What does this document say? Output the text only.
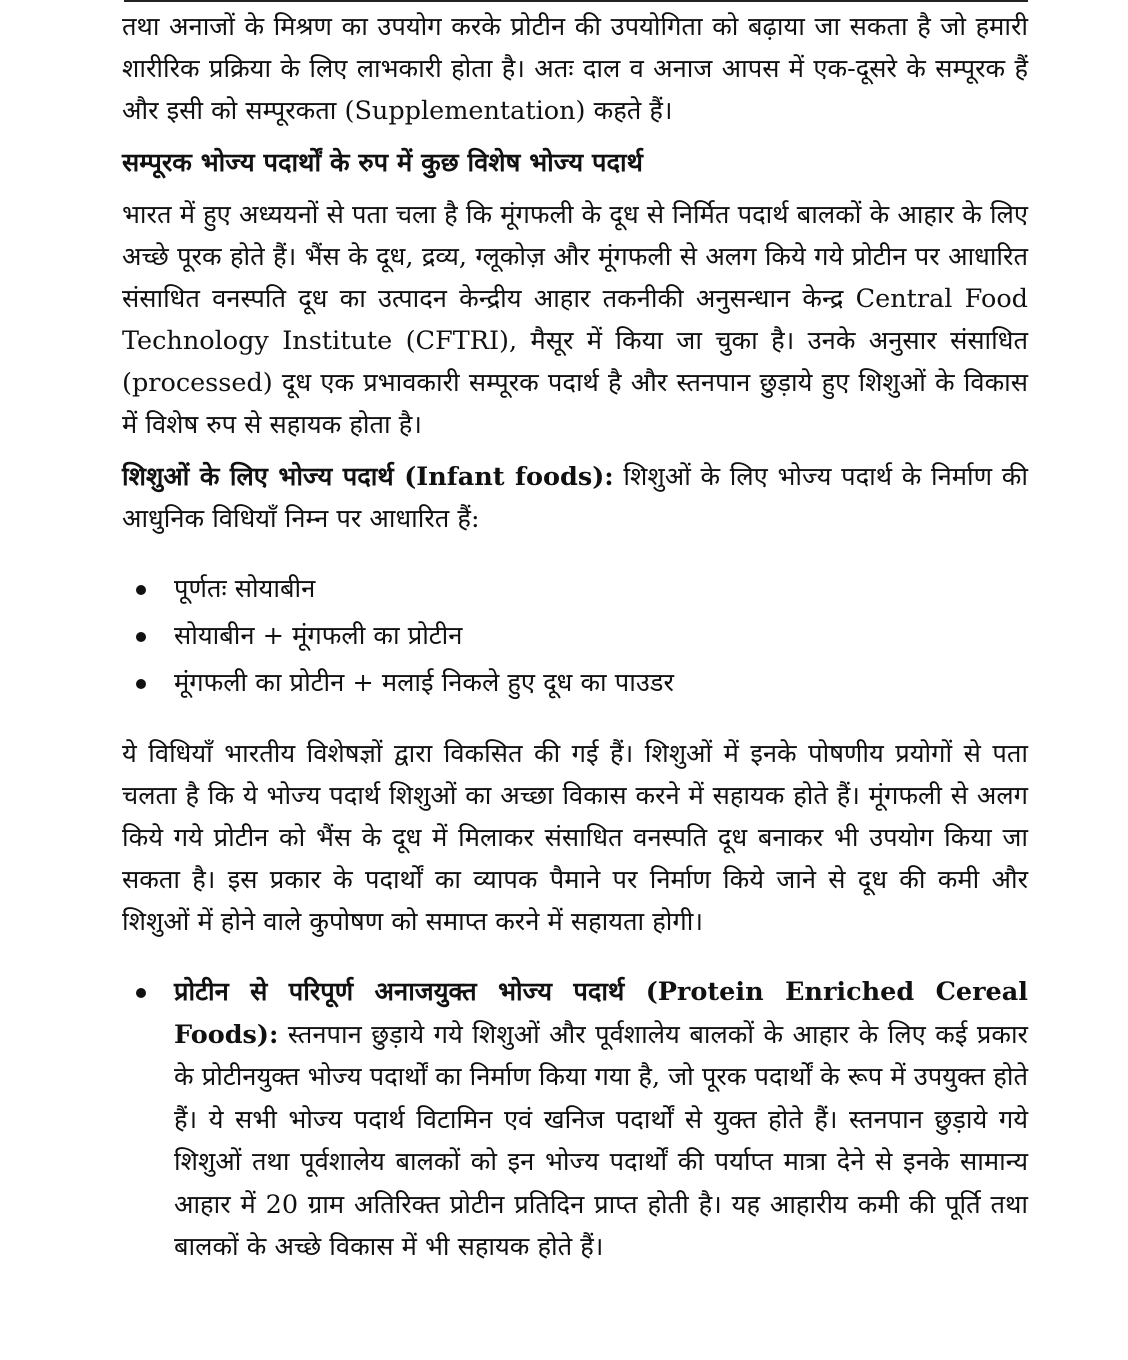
तथा अनाजों के मिश्रण का उपयोग करके प्रोटीन की उपयोगिता को बढ़ाया जा सकता है जो हमारी शारीरिक प्रक्रिया के लिए लाभकारी होता है। अतः दाल व अनाज आपस में एक-दूसरे के सम्पूरक हैं और इसी को सम्पूरकता (Supplementation) कहते हैं।

सम्पूरक भोज्य पदार्थों के रुप में कुछ विशेष भोज्य पदार्थ

भारत में हुए अध्ययनों से पता चला है कि मूंगफली के दूध से निर्मित पदार्थ बालकों के आहार के लिए अच्छे पूरक होते हैं। भैंस के दूध, द्रव्य, ग्लूकोज़ और मूंगफली से अलग किये गये प्रोटीन पर आधारित संसाधित वनस्पति दूध का उत्पादन केन्द्रीय आहार तकनीकी अनुसन्धान केन्द्र Central Food Technology Institute (CFTRI), मैसूर में किया जा चुका है। उनके अनुसार संसाधित (processed) दूध एक प्रभावकारी सम्पूरक पदार्थ है और स्तनपान छुड़ाये हुए शिशुओं के विकास में विशेष रुप से सहायक होता है।

शिशुओं के लिए भोज्य पदार्थ (Infant foods): शिशुओं के लिए भोज्य पदार्थ के निर्माण की आधुनिक विधियाँ निम्न पर आधारित हैं:

पूर्णतः सोयाबीन
सोयाबीन + मूंगफली का प्रोटीन
मूंगफली का प्रोटीन + मलाई निकले हुए दूध का पाउडर

ये विधियाँ भारतीय विशेषज्ञों द्वारा विकसित की गई हैं। शिशुओं में इनके पोषणीय प्रयोगों से पता चलता है कि ये भोज्य पदार्थ शिशुओं का अच्छा विकास करने में सहायक होते हैं। मूंगफली से अलग किये गये प्रोटीन को भैंस के दूध में मिलाकर संसाधित वनस्पति दूध बनाकर भी उपयोग किया जा सकता है। इस प्रकार के पदार्थों का व्यापक पैमाने पर निर्माण किये जाने से दूध की कमी और शिशुओं में होने वाले कुपोषण को समाप्त करने में सहायता होगी।

प्रोटीन से परिपूर्ण अनाजयुक्त भोज्य पदार्थ (Protein Enriched Cereal Foods): स्तनपान छुड़ाये गये शिशुओं और पूर्वशालेय बालकों के आहार के लिए कई प्रकार के प्रोटीनयुक्त भोज्य पदार्थों का निर्माण किया गया है, जो पूरक पदार्थों के रूप में उपयुक्त होते हैं। ये सभी भोज्य पदार्थ विटामिन एवं खनिज पदार्थों से युक्त होते हैं। स्तनपान छुड़ाये गये शिशुओं तथा पूर्वशालेय बालकों को इन भोज्य पदार्थों की पर्याप्त मात्रा देने से इनके सामान्य आहार में 20 ग्राम अतिरिक्त प्रोटीन प्रतिदिन प्राप्त होती है। यह आहारीय कमी की पूर्ति तथा बालकों के अच्छे विकास में भी सहायक होते हैं।
